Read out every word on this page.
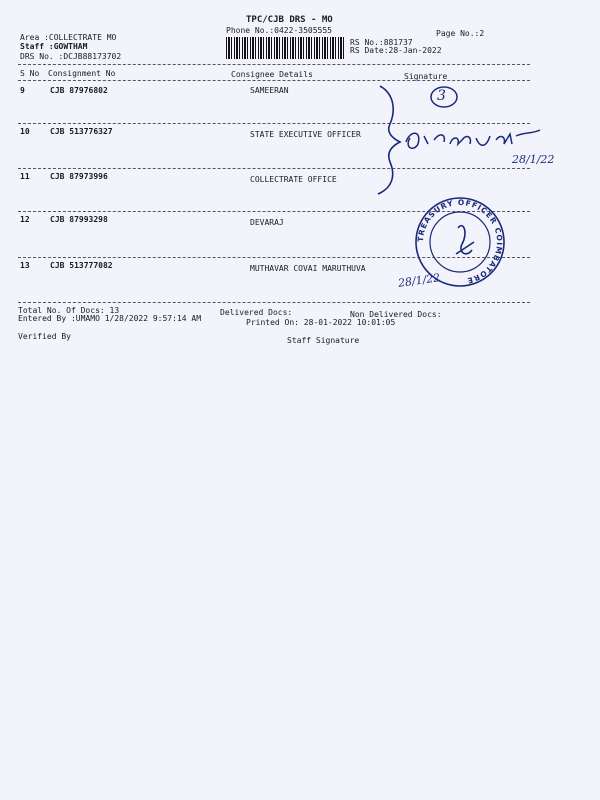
TPC/CJB DRS - MO
Phone No.:0422-3505555	Page No.:2
Area :COLLECTRATE MO
Staff :GOWTHAM
DRS No. :DCJB88173702
RS No.:881737
RS Date:28-Jan-2022
S No Consignment No	Consignee Details	Signature
9	CJB 87976802	SAMEERAN
10	CJB 513776327	STATE EXECUTIVE OFFICER
11	CJB 87973996	COLLECTRATE OFFICE
12	CJB 87993298	DEVARAJ
13	CJB 513777082	MUTHAVAR COVAI MARUTHUVA
Total No. Of Docs: 13	Delivered Docs:	Non Delivered Docs:
Entered By :UMAMO 1/28/2022 9:57:14 AM	Printed On: 28-01-2022 10:01:05
Verified By	Staff Signature
3
28/1/22
TREASURY OFFICER COIMBATORE
28/1/22
